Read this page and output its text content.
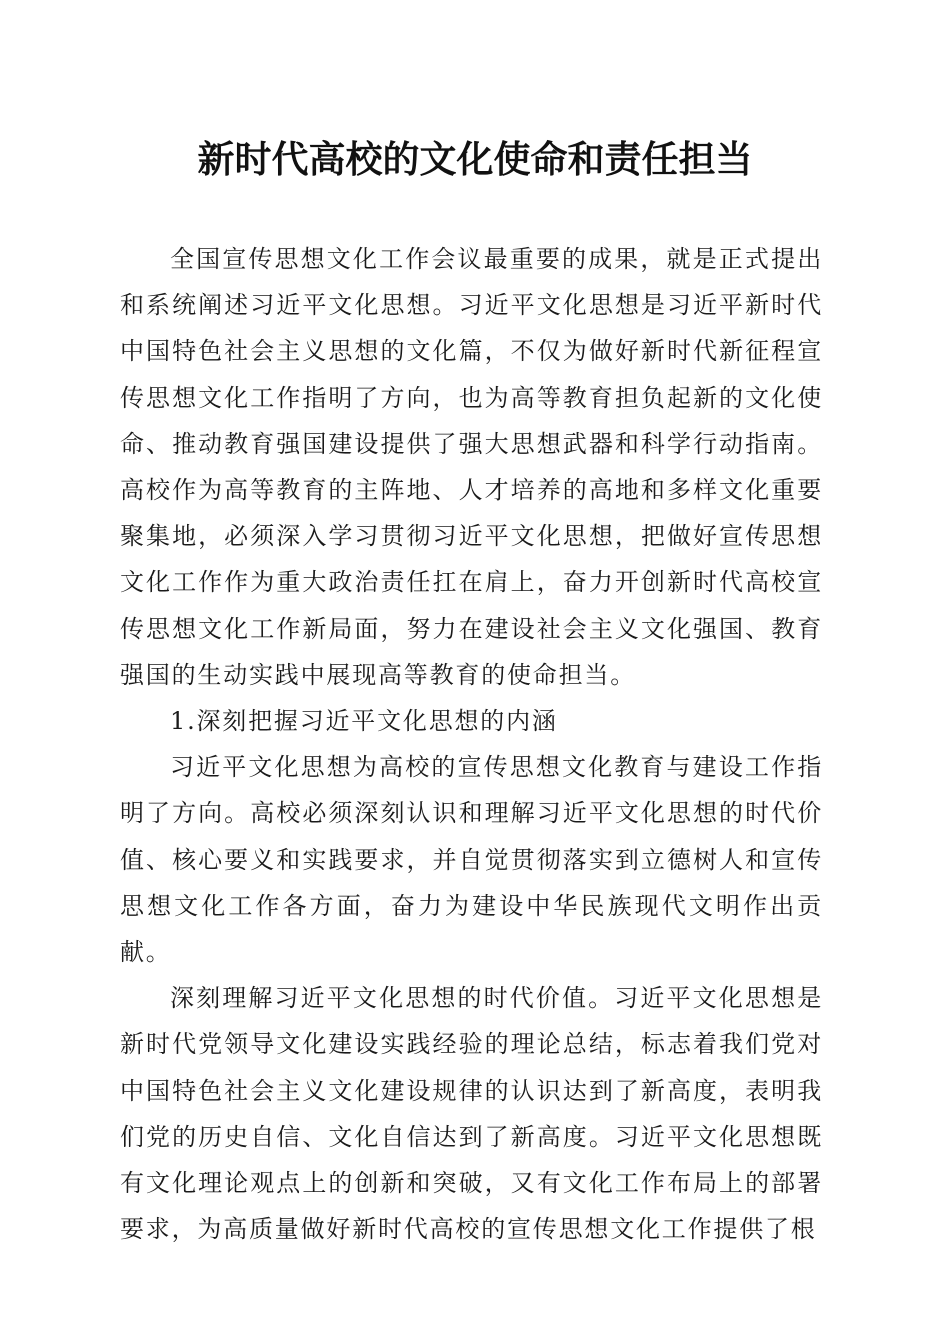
新时代高校的文化使命和责任担当

全国宣传思想文化工作会议最重要的成果，就是正式提出和系统阐述习近平文化思想。习近平文化思想是习近平新时代中国特色社会主义思想的文化篇，不仅为做好新时代新征程宣传思想文化工作指明了方向，也为高等教育担负起新的文化使命、推动教育强国建设提供了强大思想武器和科学行动指南。高校作为高等教育的主阵地、人才培养的高地和多样文化重要聚集地，必须深入学习贯彻习近平文化思想，把做好宣传思想文化工作作为重大政治责任扛在肩上，奋力开创新时代高校宣传思想文化工作新局面，努力在建设社会主义文化强国、教育强国的生动实践中展现高等教育的使命担当。

1.深刻把握习近平文化思想的内涵

习近平文化思想为高校的宣传思想文化教育与建设工作指明了方向。高校必须深刻认识和理解习近平文化思想的时代价值、核心要义和实践要求，并自觉贯彻落实到立德树人和宣传思想文化工作各方面，奋力为建设中华民族现代文明作出贡献。

深刻理解习近平文化思想的时代价值。习近平文化思想是新时代党领导文化建设实践经验的理论总结，标志着我们党对中国特色社会主义文化建设规律的认识达到了新高度，表明我们党的历史自信、文化自信达到了新高度。习近平文化思想既有文化理论观点上的创新和突破，又有文化工作布局上的部署要求，为高质量做好新时代高校的宣传思想文化工作提供了根
